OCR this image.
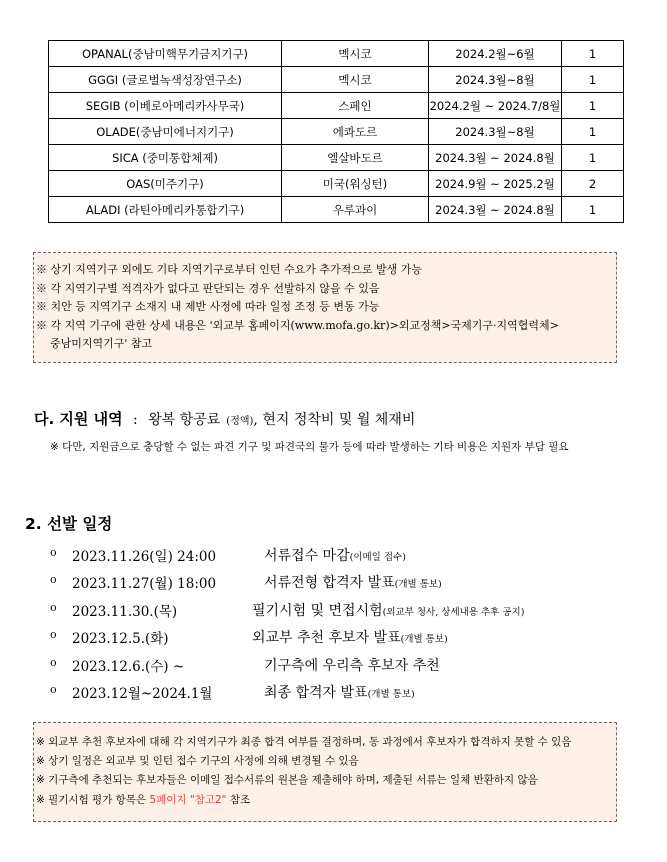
OPANAL(중남미핵무기금지기구)	멕시코	2024.2월~6월	1
GGGI (글로벌녹색성장연구소)	멕시코	2024.3월~8월	1
SEGIB (이베로아메리카사무국)	스페인	2024.2월 ~ 2024.7/8월	1
OLADE(중남미에너지기구)	에콰도르	2024.3월~8월	1
SICA (중미통합체제)	엘살바도르	2024.3월 ~ 2024.8월	1
OAS(미주기구)	미국(워싱턴)	2024.9월 ~ 2025.2월	2
ALADI (라틴아메리카통합기구)	우루과이	2024.3월 ~ 2024.8월	1
※ 상기 지역기구 외에도 기타 지역기구로부터 인턴 수요가 추가적으로 발생 가능
※ 각 지역기구별 적격자가 없다고 판단되는 경우 선발하지 않을 수 있음
※ 치안 등 지역기구 소재지 내 제반 사정에 따라 일정 조정 등 변동 가능
※ 각 지역 기구에 관한 상세 내용은 '외교부 홈페이지(www.mofa.go.kr)>외교정책>국제기구·지역협력체>
중남미지역기구' 참고
다. 지원 내역 : 왕복 항공료 (정액), 현지 정착비 및 월 체재비
※ 다만, 지원금으로 충당할 수 없는 파견 기구 및 파견국의 물가 등에 따라 발생하는 기타 비용은 지원자 부담 필요
2. 선발 일정
o 2023.11.26(일) 24:00	서류접수 마감(이메일 접수)
o 2023.11.27(월) 18:00	서류전형 합격자 발표(개별 통보)
o 2023.11.30.(목)	필기시험 및 면접시험(외교부 청사, 상세내용 추후 공지)
o 2023.12.5.(화)	외교부 추천 후보자 발표(개별 통보)
o 2023.12.6.(수) ~	기구측에 우리측 후보자 추천
o 2023.12월~2024.1월	최종 합격자 발표(개별 통보)
※ 외교부 추천 후보자에 대해 각 지역기구가 최종 합격 여부를 결정하며, 동 과정에서 후보자가 합격하지 못할 수 있음
※ 상기 일정은 외교부 및 인턴 접수 기구의 사정에 의해 변경될 수 있음
※ 기구측에 추천되는 후보자들은 이메일 접수서류의 원본을 제출해야 하며, 제출된 서류는 일체 반환하지 않음
※ 필기시험 평가 항목은 5페이지 "참고2" 참조
